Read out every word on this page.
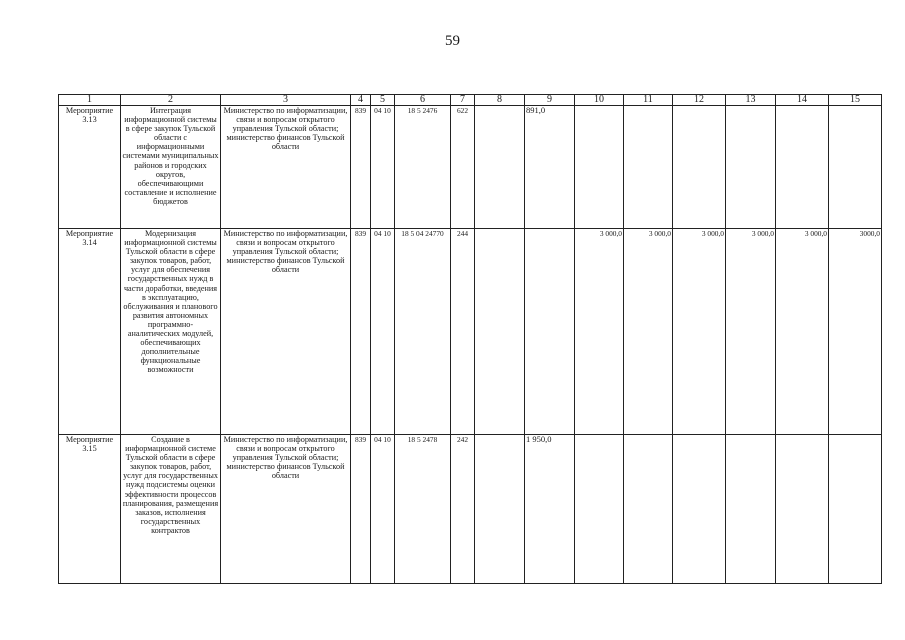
59
1	2	3	4	5	6	7	8	9	10	11	12	13	14	15
Мероприятие 3.13	Интеграция информационной системы в сфере закупок Тульской области с информационными системами муниципальных районов и городских округов, обеспечивающими составление и исполнение бюджетов	Министерство по информатизации, связи и вопросам открытого управления Тульской области; министерство финансов Тульской области	839	04 10	18 5 2476	622		891,0						
Мероприятие 3.14	Модернизация информационной системы Тульской области в сфере закупок товаров, работ, услуг для обеспечения государственных нужд в части доработки, введения в эксплуатацию, обслуживания и планового развития автономных программно-аналитических модулей, обеспечивающих дополнительные функциональные возможности	Министерство по информатизации, связи и вопросам открытого управления Тульской области; министерство финансов Тульской области	839	04 10	18 5 04 24770	244			3 000,0	3 000,0	3 000,0	3 000,0	3 000,0	3000,0
Мероприятие 3.15	Создание в информационной системе Тульской области в сфере закупок товаров, работ, услуг для государственных нужд подсистемы оценки эффективности процессов планирования, размещения заказов, исполнения государственных контрактов	Министерство по информатизации, связи и вопросам открытого управления Тульской области; министерство финансов Тульской области	839	04 10	18 5 2478	242		1 950,0						
